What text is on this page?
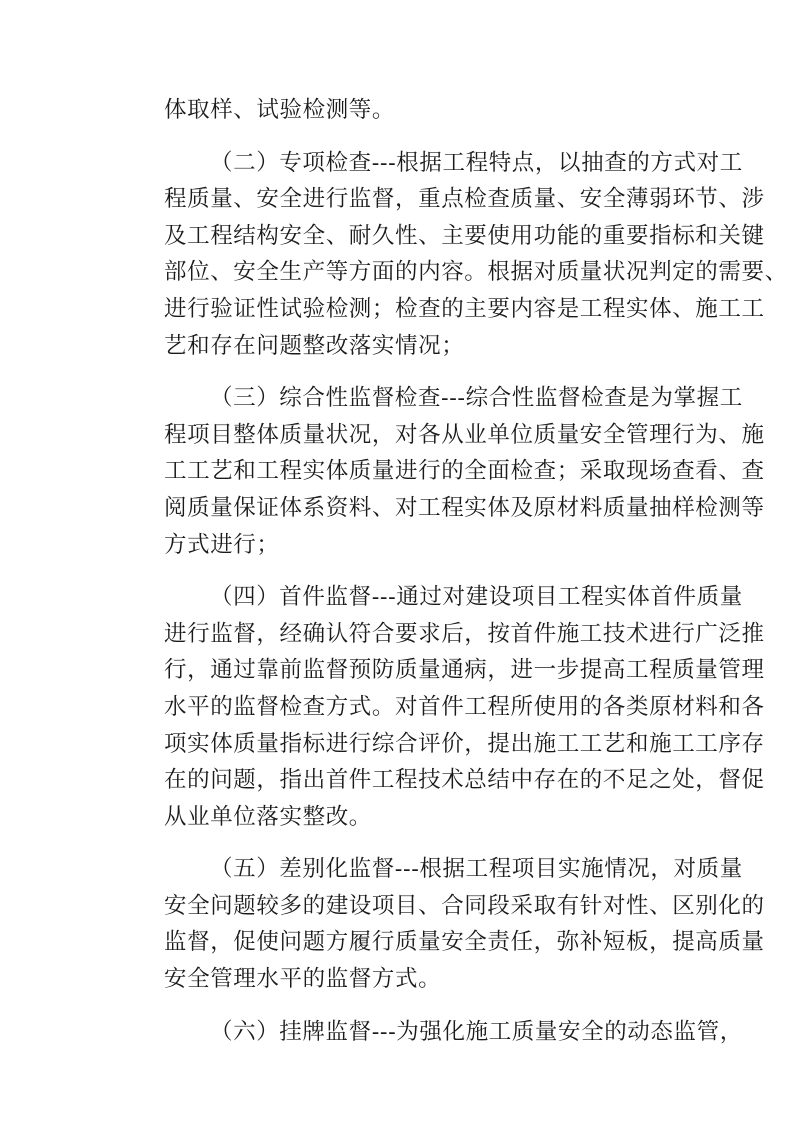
体取样、试验检测等。
（二）专项检查---根据工程特点，以抽查的方式对工
程质量、安全进行监督，重点检查质量、安全薄弱环节、涉
及工程结构安全、耐久性、主要使用功能的重要指标和关键
部位、安全生产等方面的内容。根据对质量状况判定的需要、
进行验证性试验检测；检查的主要内容是工程实体、施工工
艺和存在问题整改落实情况；
（三）综合性监督检查---综合性监督检查是为掌握工
程项目整体质量状况，对各从业单位质量安全管理行为、施
工工艺和工程实体质量进行的全面检查；采取现场查看、查
阅质量保证体系资料、对工程实体及原材料质量抽样检测等
方式进行；
（四）首件监督---通过对建设项目工程实体首件质量
进行监督，经确认符合要求后，按首件施工技术进行广泛推
行，通过靠前监督预防质量通病，进一步提高工程质量管理
水平的监督检查方式。对首件工程所使用的各类原材料和各
项实体质量指标进行综合评价，提出施工工艺和施工工序存
在的问题，指出首件工程技术总结中存在的不足之处，督促
从业单位落实整改。
（五）差别化监督---根据工程项目实施情况，对质量
安全问题较多的建设项目、合同段采取有针对性、区别化的
监督，促使问题方履行质量安全责任，弥补短板，提高质量
安全管理水平的监督方式。
（六）挂牌监督---为强化施工质量安全的动态监管，
